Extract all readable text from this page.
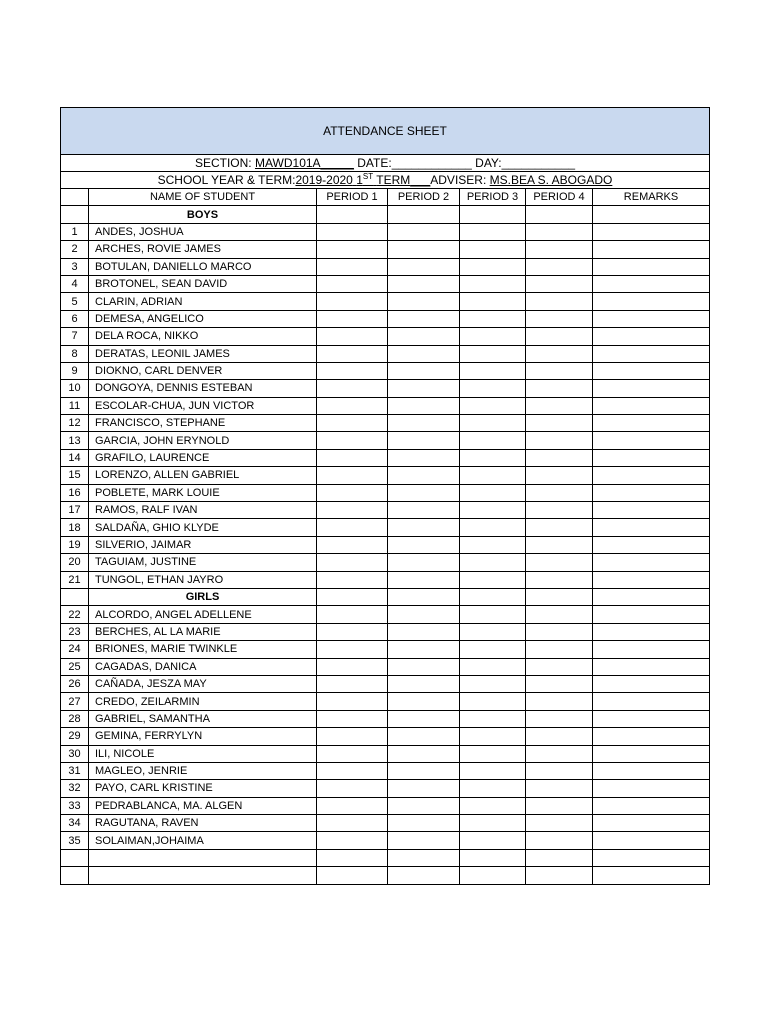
ATTENDANCE SHEET						
SECTION: MAWD101A_____ DATE:____________ DAY:___________						
SCHOOL YEAR & TERM:2019-2020 1ST TERM___ADVISER: MS.BEA S. ABOGADO						
	NAME OF STUDENT	PERIOD 1	PERIOD 2	PERIOD 3	PERIOD 4	REMARKS
	BOYS					
1	ANDES, JOSHUA					
2	ARCHES, ROVIE JAMES					
3	BOTULAN, DANIELLO MARCO					
4	BROTONEL, SEAN DAVID					
5	CLARIN, ADRIAN					
6	DEMESA, ANGELICO					
7	DELA ROCA, NIKKO					
8	DERATAS, LEONIL JAMES					
9	DIOKNO, CARL DENVER					
10	DONGOYA, DENNIS ESTEBAN					
11	ESCOLAR-CHUA, JUN VICTOR					
12	FRANCISCO, STEPHANE					
13	GARCIA, JOHN ERYNOLD					
14	GRAFILO, LAURENCE					
15	LORENZO, ALLEN GABRIEL					
16	POBLETE, MARK LOUIE					
17	RAMOS, RALF IVAN					
18	SALDAÑA, GHIO KLYDE					
19	SILVERIO, JAIMAR					
20	TAGUIAM, JUSTINE					
21	TUNGOL, ETHAN JAYRO					
	GIRLS					
22	ALCORDO, ANGEL ADELLENE					
23	BERCHES, AL LA MARIE					
24	BRIONES, MARIE TWINKLE					
25	CAGADAS, DANICA					
26	CAÑADA, JESZA MAY					
27	CREDO, ZEILARMIN					
28	GABRIEL, SAMANTHA					
29	GEMINA, FERRYLYN					
30	ILI, NICOLE					
31	MAGLEO, JENRIE					
32	PAYO, CARL KRISTINE					
33	PEDRABLANCA, MA. ALGEN					
34	RAGUTANA, RAVEN					
35	SOLAIMAN,JOHAIMA					
